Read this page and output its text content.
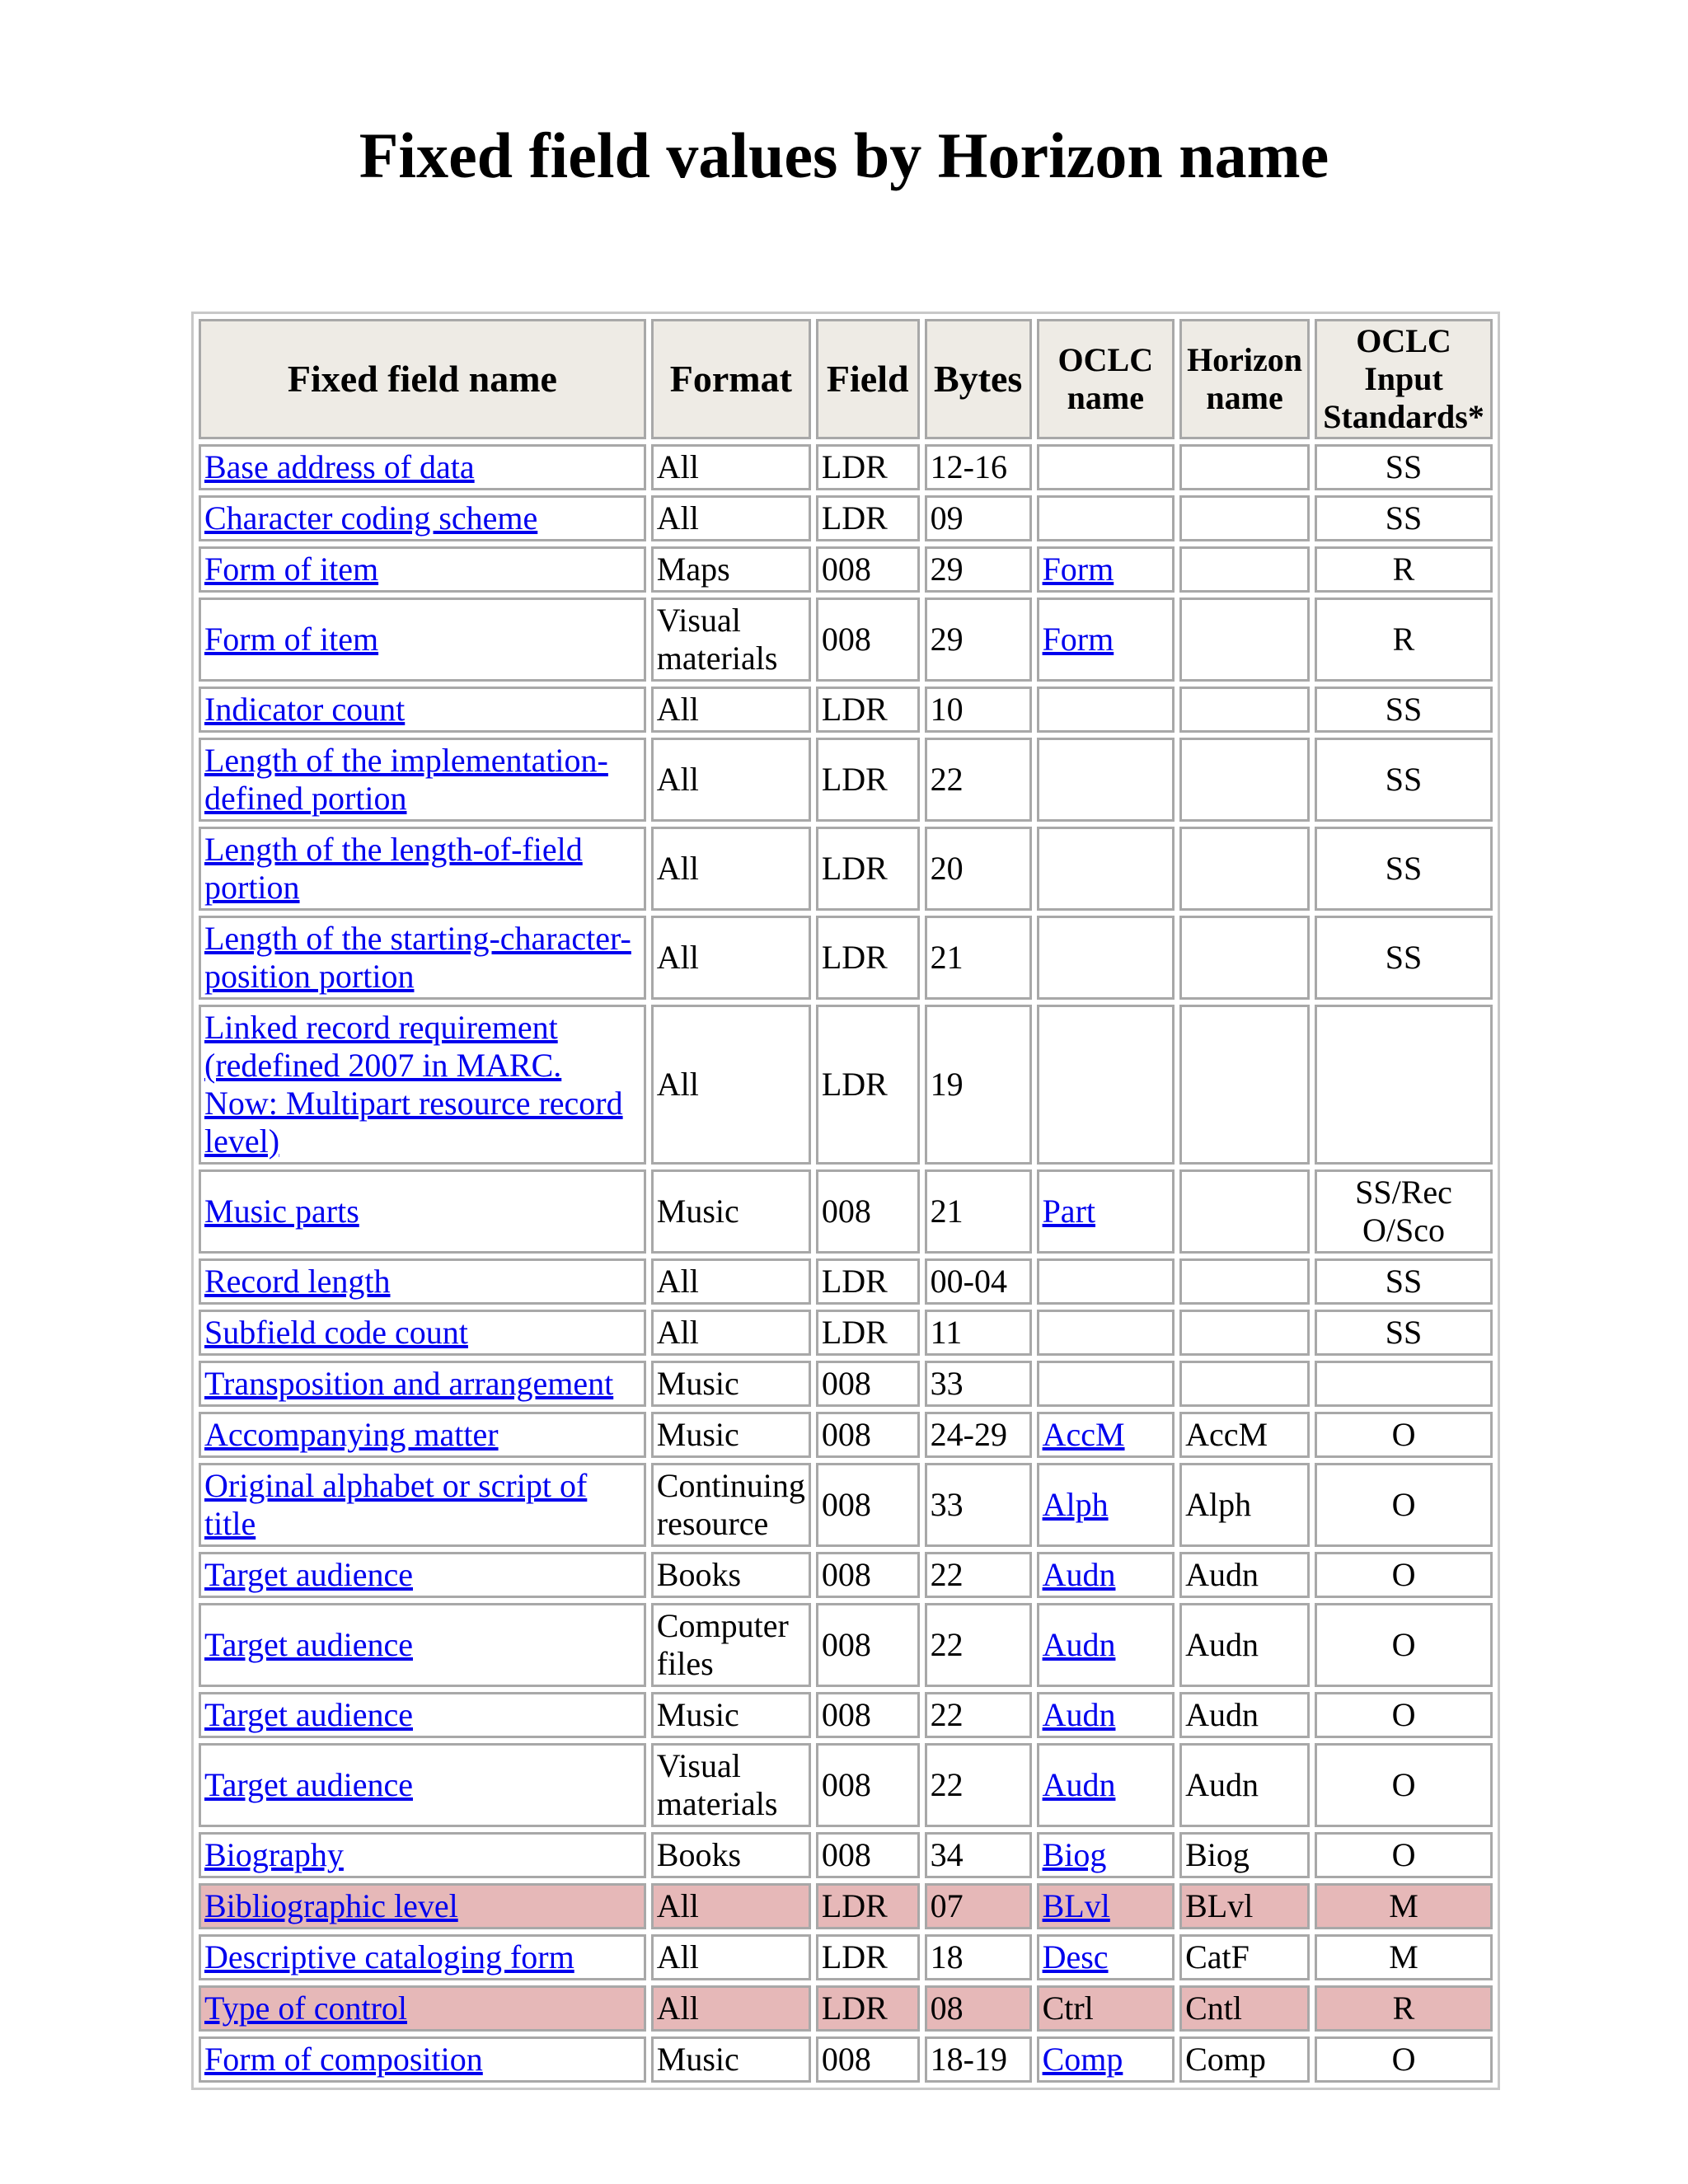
Fixed field values by Horizon name
Fixed field name	Format	Field	Bytes	OCLC name	Horizon name	OCLC Input Standards*
Base address of data	All	LDR	12-16			SS
Character coding scheme	All	LDR	09			SS
Form of item	Maps	008	29	Form		R
Form of item	Visual materials	008	29	Form		R
Indicator count	All	LDR	10			SS
Length of the implementation-defined portion	All	LDR	22			SS
Length of the length-of-field portion	All	LDR	20			SS
Length of the starting-character-position portion	All	LDR	21			SS
Linked record requirement (redefined 2007 in MARC. Now: Multipart resource record level)	All	LDR	19			
Music parts	Music	008	21	Part		SS/Rec O/Sco
Record length	All	LDR	00-04			SS
Subfield code count	All	LDR	11			SS
Transposition and arrangement	Music	008	33			
Accompanying matter	Music	008	24-29	AccM	AccM	O
Original alphabet or script of title	Continuing resource	008	33	Alph	Alph	O
Target audience	Books	008	22	Audn	Audn	O
Target audience	Computer files	008	22	Audn	Audn	O
Target audience	Music	008	22	Audn	Audn	O
Target audience	Visual materials	008	22	Audn	Audn	O
Biography	Books	008	34	Biog	Biog	O
Bibliographic level	All	LDR	07	BLvl	BLvl	M
Descriptive cataloging form	All	LDR	18	Desc	CatF	M
Type of control	All	LDR	08	Ctrl	Cntl	R
Form of composition	Music	008	18-19	Comp	Comp	O
